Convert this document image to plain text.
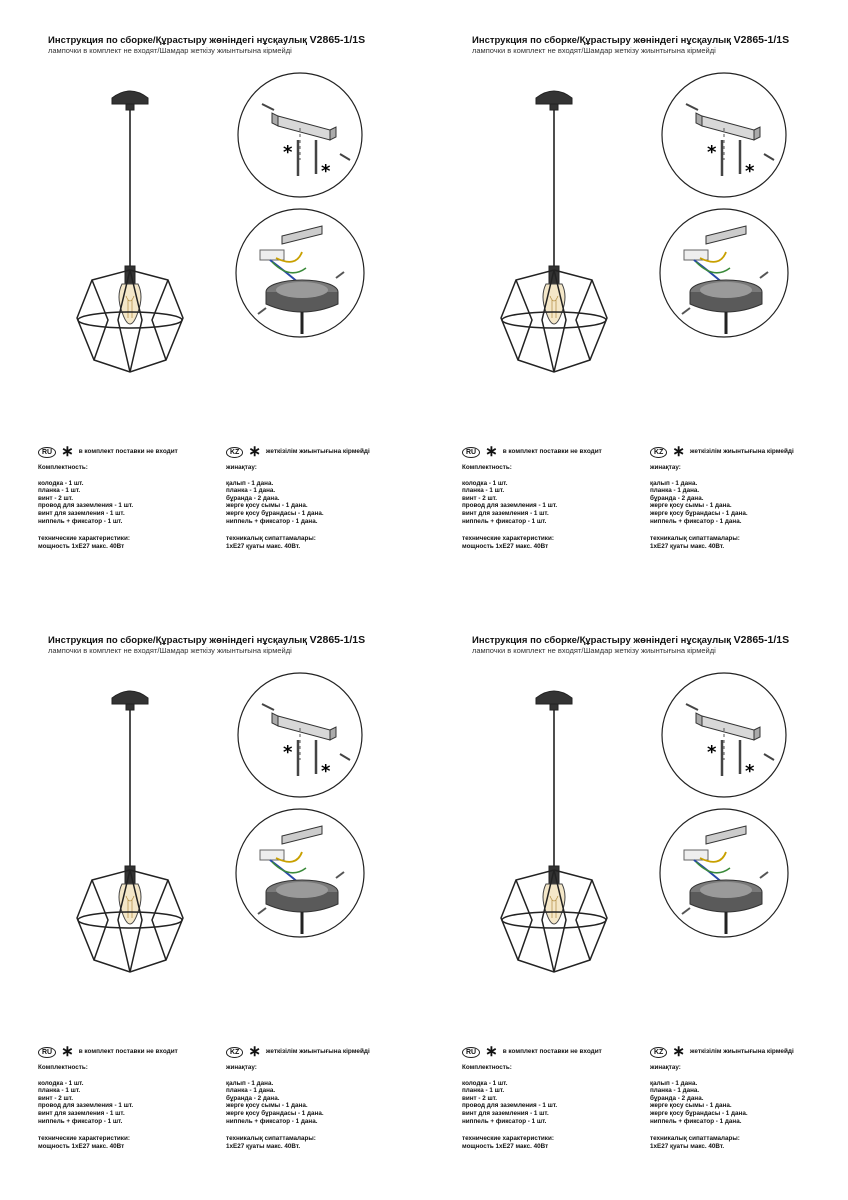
Инструкция по сборке/Құрастыру жөніндегі нұсқаулық V2865-1/1S
лампочки в комплект не входят/Шамдар жеткізу жиынтығына кірмейді
*
*
RU ∗ в комплект поставки не входит
Комплектность:
колодка - 1 шт.
планка - 1 шт.
винт - 2 шт.
провод для заземления - 1 шт.
винт для заземления - 1 шт.
ниппель + фиксатор - 1 шт.
технические характеристики:
мощность 1хЕ27 макс. 40Вт
KZ ∗ жеткізілім жиынтығына кірмейді
жинақтау:
қалып - 1 дана.
планка - 1 дана.
бұранда - 2 дана.
жерге қосу сымы - 1 дана.
жерге қосу бұрандасы - 1 дана.
ниппель + фиксатор - 1 дана.
техникалық сипаттамалары:
1хЕ27 қуаты макс. 40Вт.
Инструкция по сборке/Құрастыру жөніндегі нұсқаулық V2865-1/1S
лампочки в комплект не входят/Шамдар жеткізу жиынтығына кірмейді
*
*
RU ∗ в комплект поставки не входит
Комплектность:
колодка - 1 шт.
планка - 1 шт.
винт - 2 шт.
провод для заземления - 1 шт.
винт для заземления - 1 шт.
ниппель + фиксатор - 1 шт.
технические характеристики:
мощность 1хЕ27 макс. 40Вт
KZ ∗ жеткізілім жиынтығына кірмейді
жинақтау:
қалып - 1 дана.
планка - 1 дана.
бұранда - 2 дана.
жерге қосу сымы - 1 дана.
жерге қосу бұрандасы - 1 дана.
ниппель + фиксатор - 1 дана.
техникалық сипаттамалары:
1хЕ27 қуаты макс. 40Вт.
Инструкция по сборке/Құрастыру жөніндегі нұсқаулық V2865-1/1S
лампочки в комплект не входят/Шамдар жеткізу жиынтығына кірмейді
*
*
RU ∗ в комплект поставки не входит
Комплектность:
колодка - 1 шт.
планка - 1 шт.
винт - 2 шт.
провод для заземления - 1 шт.
винт для заземления - 1 шт.
ниппель + фиксатор - 1 шт.
технические характеристики:
мощность 1хЕ27 макс. 40Вт
KZ ∗ жеткізілім жиынтығына кірмейді
жинақтау:
қалып - 1 дана.
планка - 1 дана.
бұранда - 2 дана.
жерге қосу сымы - 1 дана.
жерге қосу бұрандасы - 1 дана.
ниппель + фиксатор - 1 дана.
техникалық сипаттамалары:
1хЕ27 қуаты макс. 40Вт.
Инструкция по сборке/Құрастыру жөніндегі нұсқаулық V2865-1/1S
лампочки в комплект не входят/Шамдар жеткізу жиынтығына кірмейді
*
*
RU ∗ в комплект поставки не входит
Комплектность:
колодка - 1 шт.
планка - 1 шт.
винт - 2 шт.
провод для заземления - 1 шт.
винт для заземления - 1 шт.
ниппель + фиксатор - 1 шт.
технические характеристики:
мощность 1хЕ27 макс. 40Вт
KZ ∗ жеткізілім жиынтығына кірмейді
жинақтау:
қалып - 1 дана.
планка - 1 дана.
бұранда - 2 дана.
жерге қосу сымы - 1 дана.
жерге қосу бұрандасы - 1 дана.
ниппель + фиксатор - 1 дана.
техникалық сипаттамалары:
1хЕ27 қуаты макс. 40Вт.
